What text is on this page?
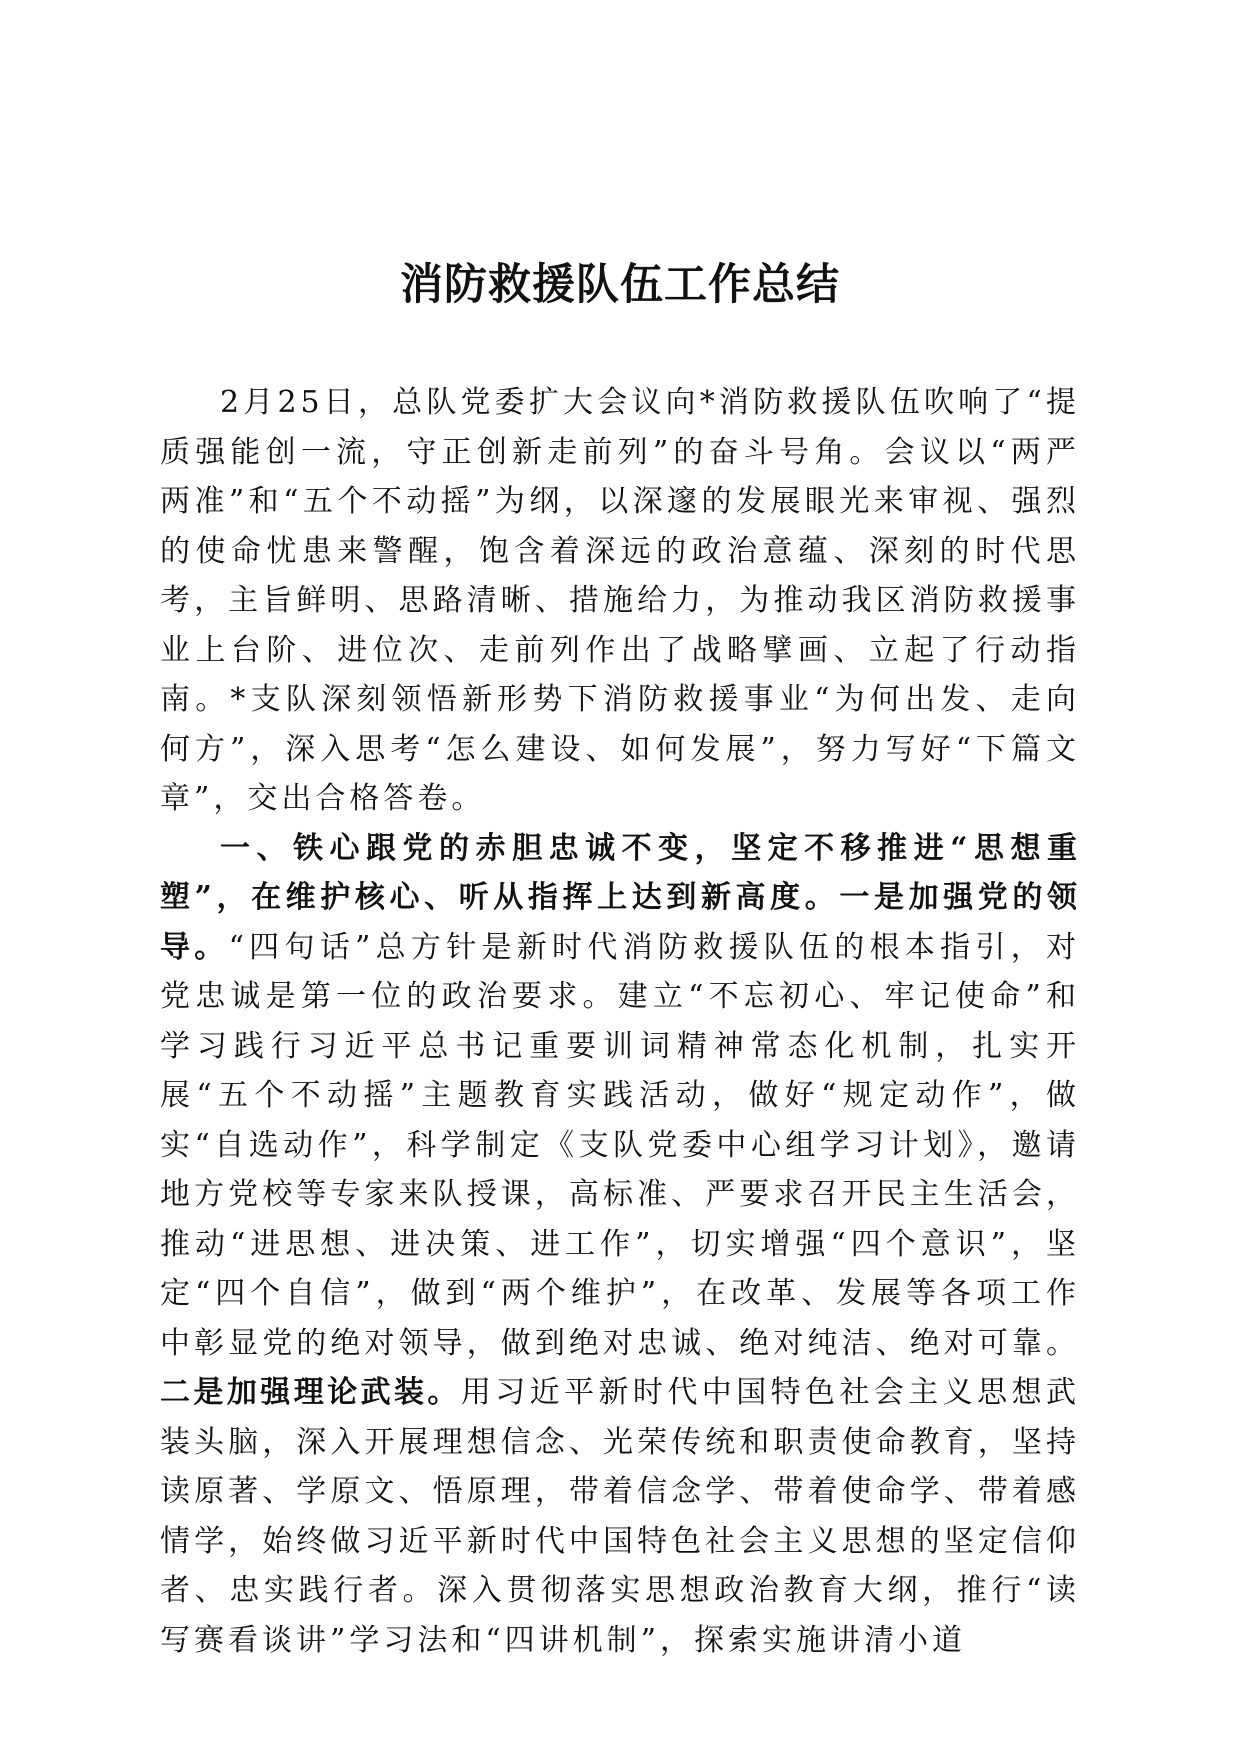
消防救援队伍工作总结

2月25日，总队党委扩大会议向*消防救援队伍吹响了“提质强能创一流，守正创新走前列”的奋斗号角。会议以“两严两准”和“五个不动摇”为纲，以深邃的发展眼光来审视、强烈的使命忧患来警醒，饱含着深远的政治意蕴、深刻的时代思考，主旨鲜明、思路清晰、措施给力，为推动我区消防救援事业上台阶、进位次、走前列作出了战略擘画、立起了行动指南。*支队深刻领悟新形势下消防救援事业“为何出发、走向何方”，深入思考“怎么建设、如何发展”，努力写好“下篇文章”，交出合格答卷。

一、铁心跟党的赤胆忠诚不变，坚定不移推进“思想重塑”，在维护核心、听从指挥上达到新高度。一是加强党的领导。“四句话”总方针是新时代消防救援队伍的根本指引，对党忠诚是第一位的政治要求。建立“不忘初心、牢记使命”和学习践行习近平总书记重要训词精神常态化机制，扎实开展“五个不动摇”主题教育实践活动，做好“规定动作”，做实“自选动作”，科学制定《支队党委中心组学习计划》，邀请地方党校等专家来队授课，高标准、严要求召开民主生活会，推动“进思想、进决策、进工作”，切实增强“四个意识”，坚定“四个自信”，做到“两个维护”，在改革、发展等各项工作中彰显党的绝对领导，做到绝对忠诚、绝对纯洁、绝对可靠。二是加强理论武装。用习近平新时代中国特色社会主义思想武装头脑，深入开展理想信念、光荣传统和职责使命教育，坚持读原著、学原文、悟原理，带着信念学、带着使命学、带着感情学，始终做习近平新时代中国特色社会主义思想的坚定信仰者、忠实践行者。深入贯彻落实思想政治教育大纲，推行“读写赛看谈讲”学习法和“四讲机制”，探索实施讲清小道
